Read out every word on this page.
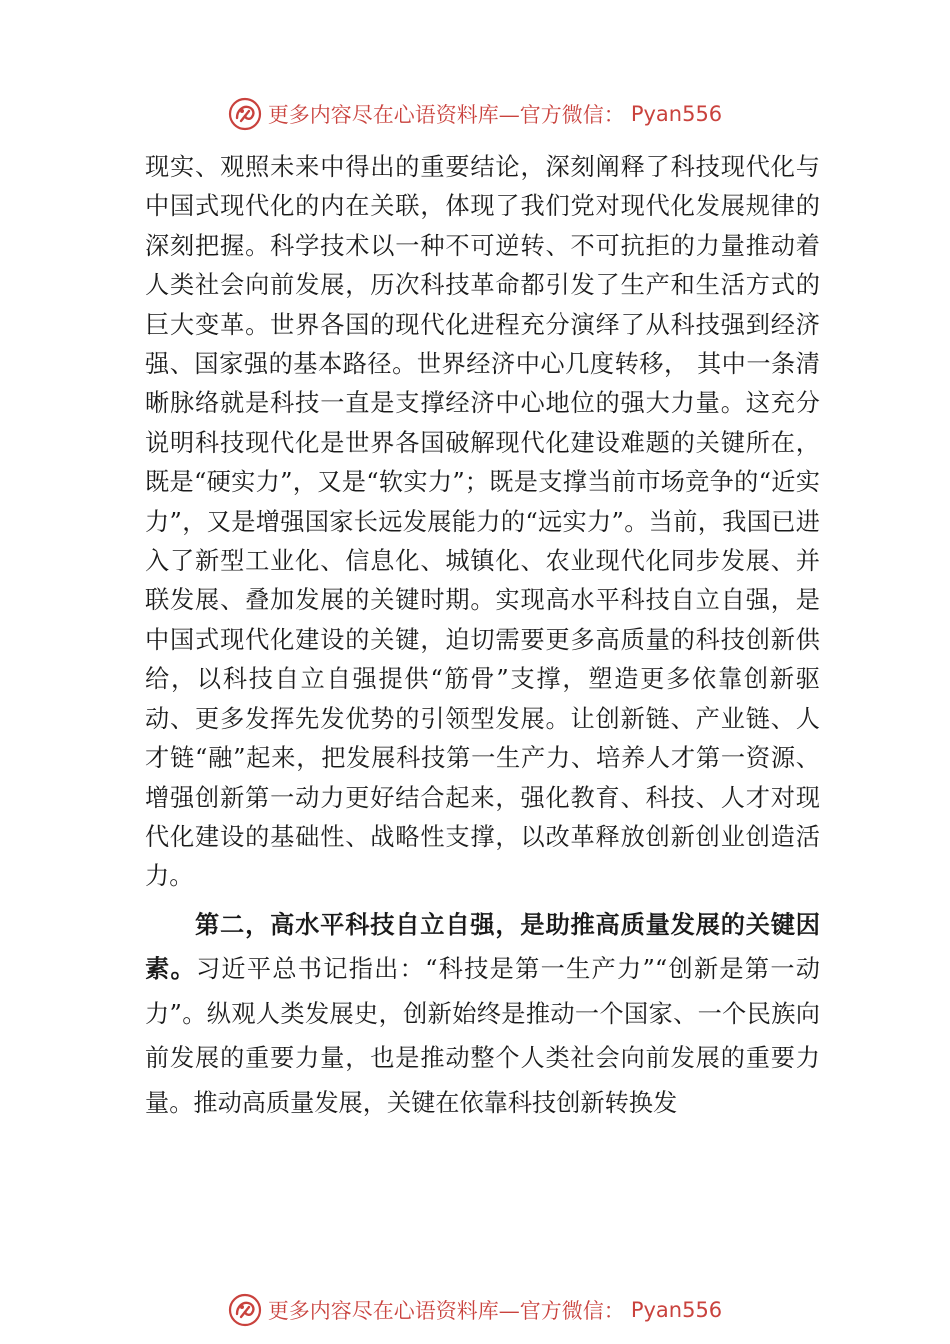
更多内容尽在心语资料库—官方微信： Pyan556

现实、观照未来中得出的重要结论，深刻阐释了科技现代化与中国式现代化的内在关联，体现了我们党对现代化发展规律的深刻把握。科学技术以一种不可逆转、不可抗拒的力量推动着人类社会向前发展，历次科技革命都引发了生产和生活方式的巨大变革。世界各国的现代化进程充分演绎了从科技强到经济强、国家强的基本路径。世界经济中心几度转移， 其中一条清晰脉络就是科技一直是支撑经济中心地位的强大力量。这充分说明科技现代化是世界各国破解现代化建设难题的关键所在，既是“硬实力”，又是“软实力”；既是支撑当前市场竞争的“近实力”，又是增强国家长远发展能力的“远实力”。当前，我国已进入了新型工业化、信息化、城镇化、农业现代化同步发展、并联发展、叠加发展的关键时期。实现高水平科技自立自强，是中国式现代化建设的关键，迫切需要更多高质量的科技创新供给，以科技自立自强提供“筋骨”支撑，塑造更多依靠创新驱动、更多发挥先发优势的引领型发展。让创新链、产业链、人才链“融”起来，把发展科技第一生产力、培养人才第一资源、增强创新第一动力更好结合起来，强化教育、科技、人才对现代化建设的基础性、战略性支撑，以改革释放创新创业创造活力。

第二，高水平科技自立自强，是助推高质量发展的关键因素。习近平总书记指出：“科技是第一生产力”“创新是第一动力”。纵观人类发展史，创新始终是推动一个国家、一个民族向前发展的重要力量，也是推动整个人类社会向前发展的重要力量。推动高质量发展，关键在依靠科技创新转换发

更多内容尽在心语资料库—官方微信： Pyan556
